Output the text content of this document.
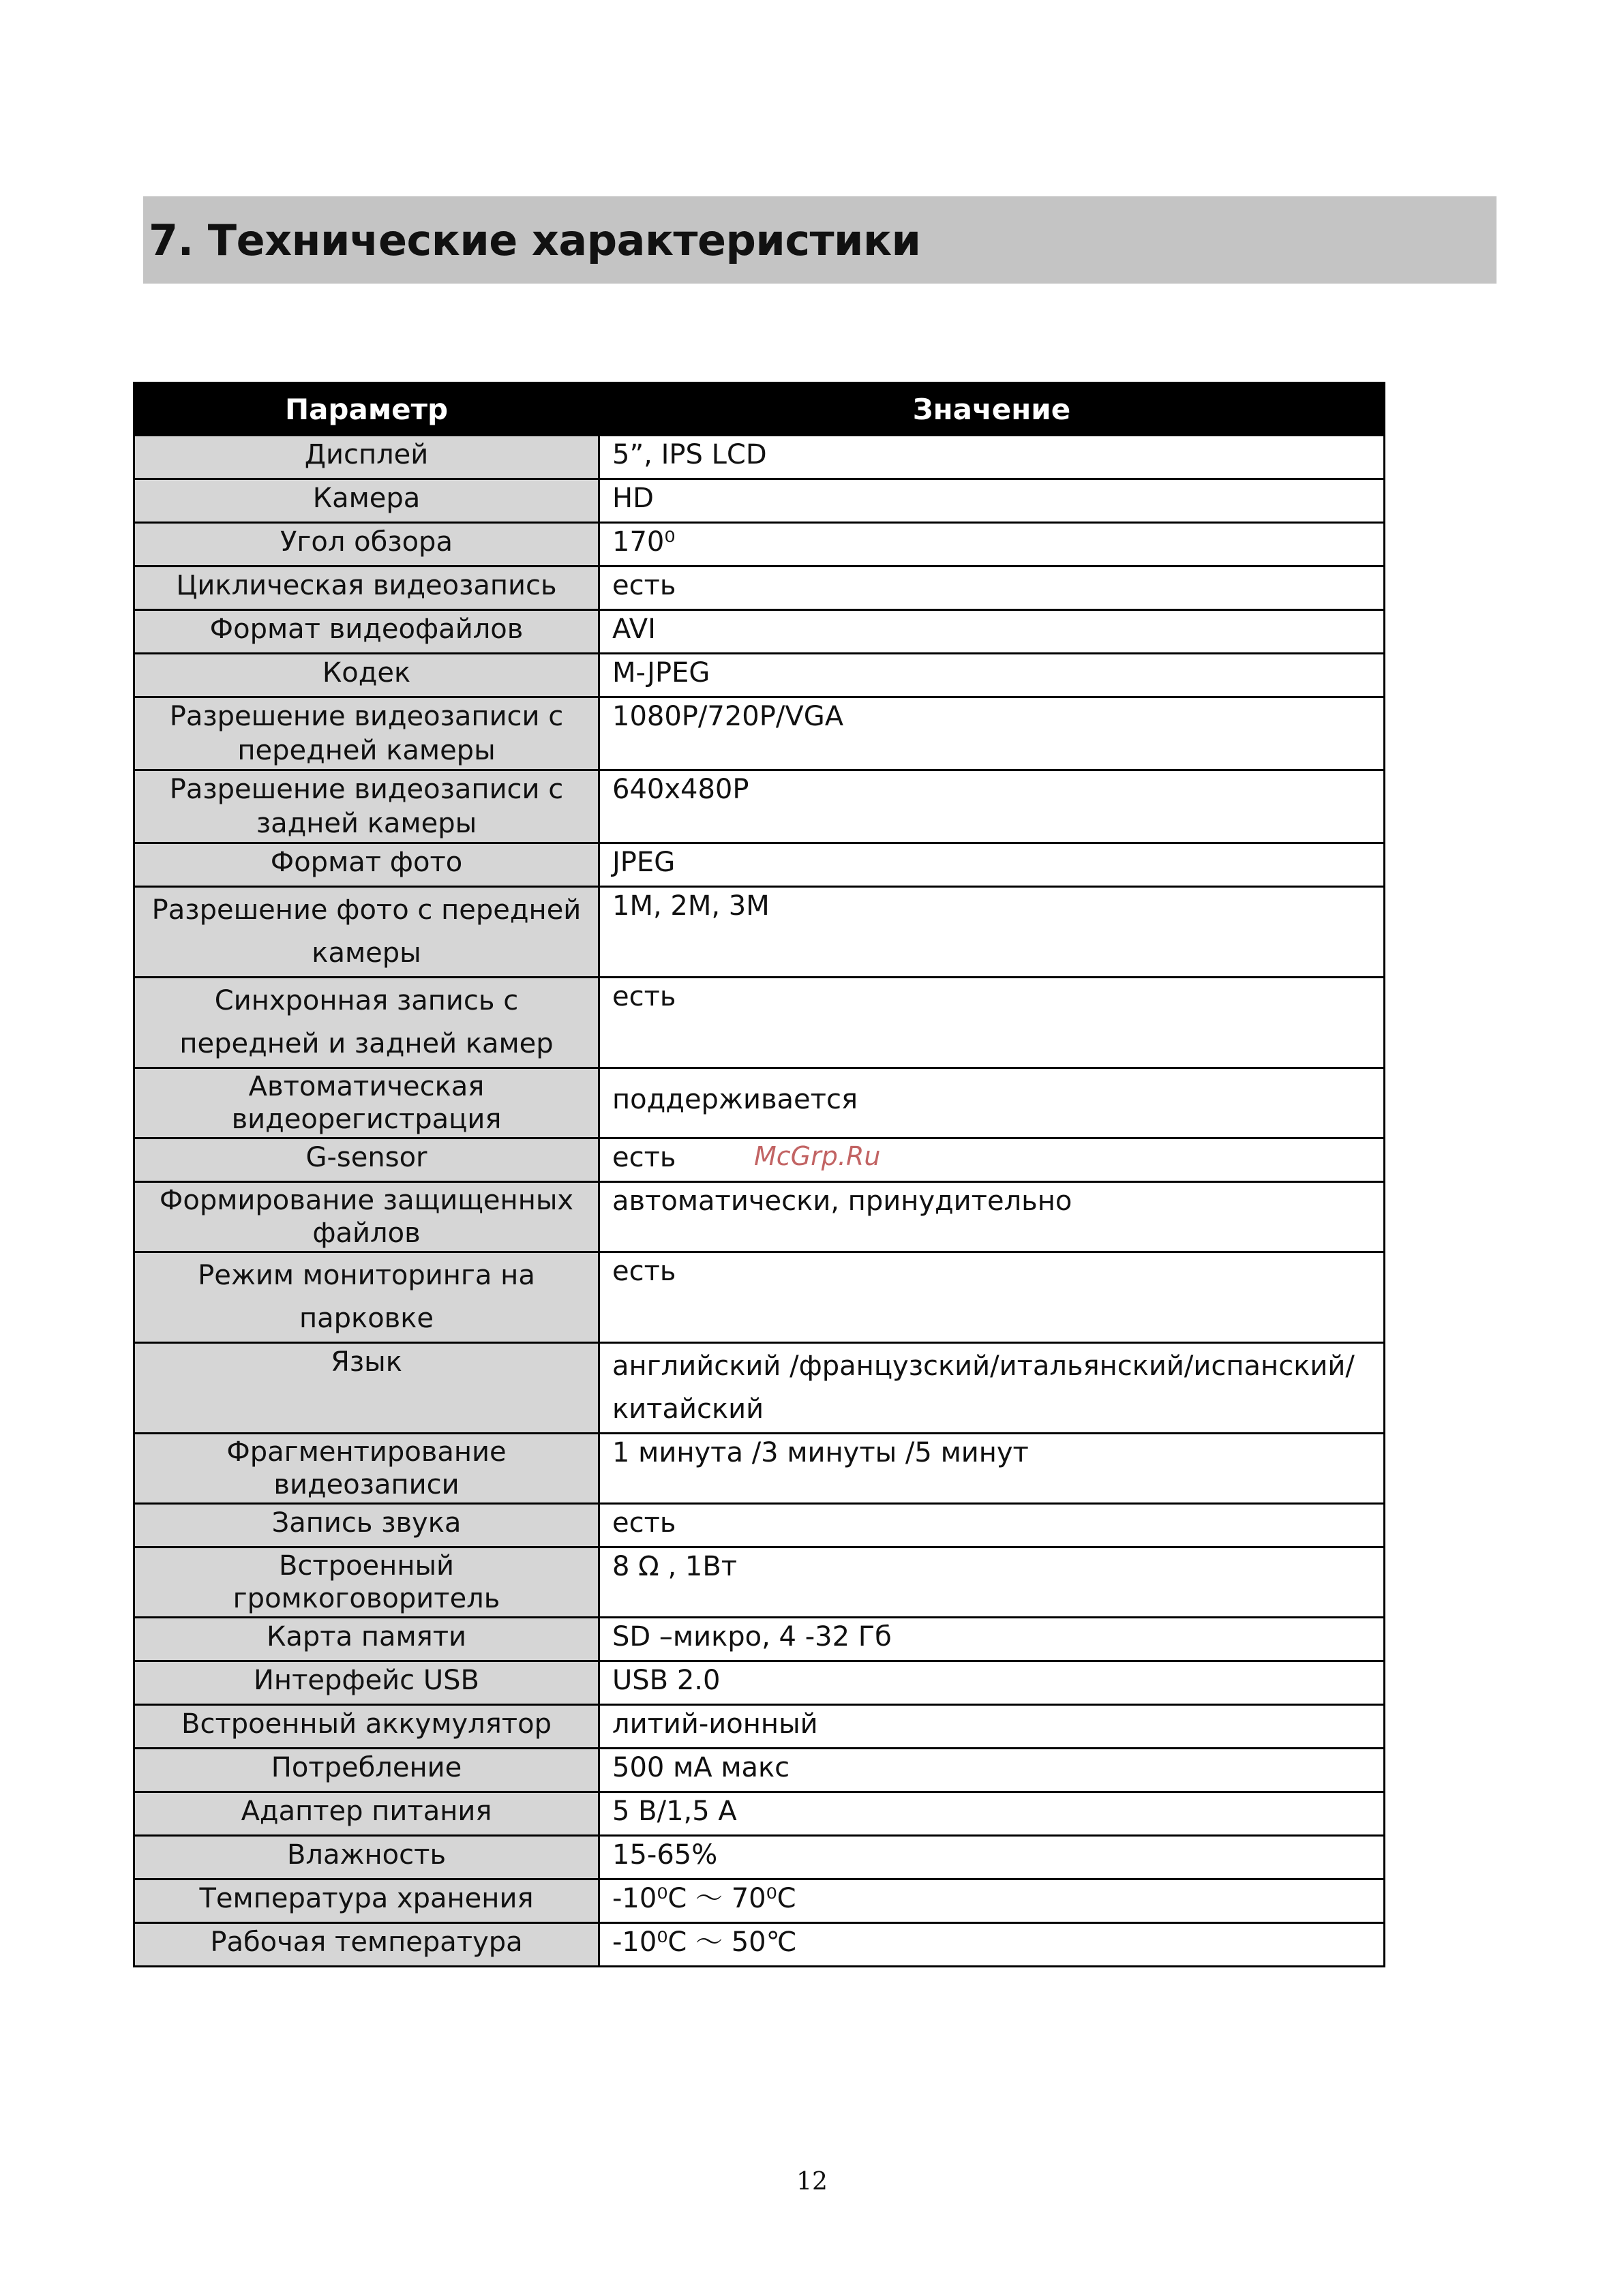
7. Технические характеристики
McGrp.Ru
Параметр	Значение
Дисплей	5”, IPS LCD
Камера	HD
Угол обзора	170⁰
Циклическая видеозапись	есть
Формат видеофайлов	AVI
Кодек	M-JPEG
Разрешение видеозаписи с передней камеры	1080P/720P/VGA
Разрешение видеозаписи с задней камеры	640x480P
Формат фото	JPEG
Разрешение фото с передней камеры	1M, 2M, 3M
Синхронная запись с передней и задней камер	есть
Автоматическая видеорегистрация	поддерживается
G-sensor	есть
Формирование защищенных файлов	автоматически, принудительно
Режим мониторинга на парковке	есть
Язык	английский /французский/итальянский/испанский/
китайский
Фрагментирование видеозаписи	1 минута /3 минуты /5 минут
Запись звука	есть
Встроенный громкоговоритель	8 Ω , 1Вт
Карта памяти	SD –микро, 4 -32 Гб
Интерфейс USB	USB 2.0
Встроенный аккумулятор	литий-ионный
Потребление	500 мА макс
Адаптер питания	5 В/1,5 А
Влажность	15-65%
Температура хранения	-10⁰C ～ 70⁰C
Рабочая температура	-10⁰C ～ 50℃
12
